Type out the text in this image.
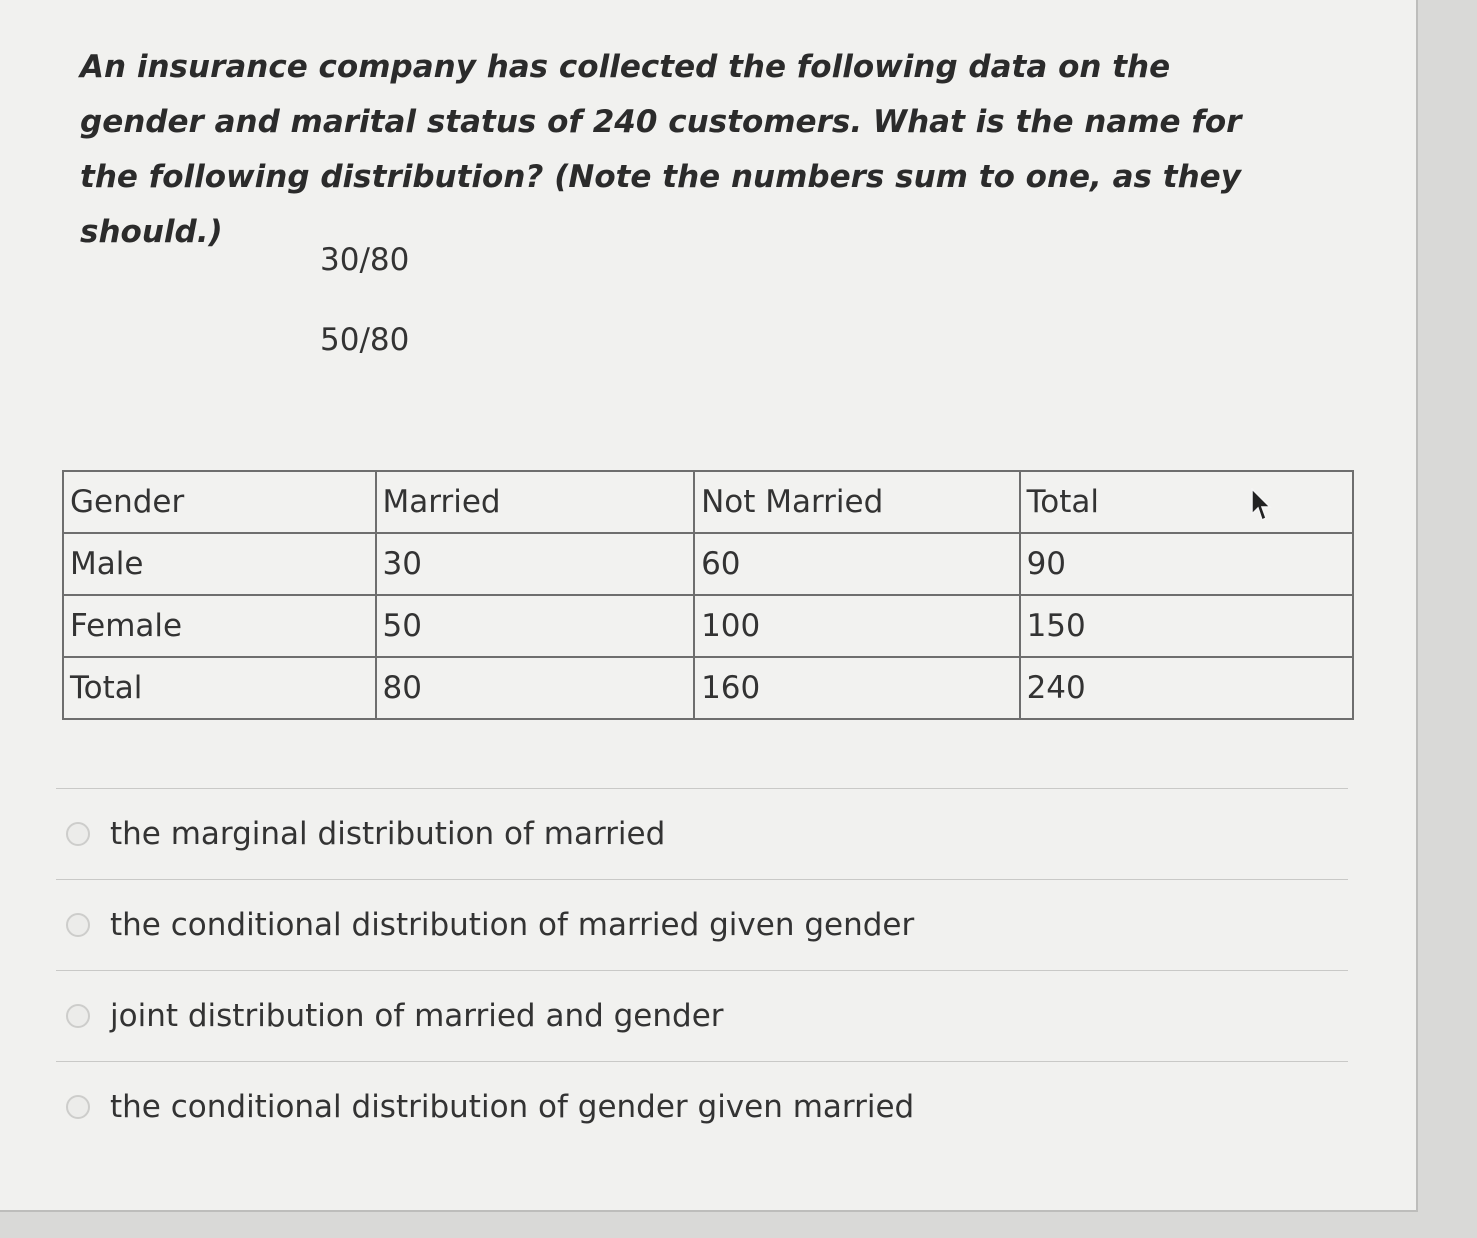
An insurance company has collected the following data on the gender and marital status of 240 customers. What is the name for the following distribution? (Note the numbers sum to one, as they should.)

30/80
50/80
Gender	Married	Not Married	Total

Male	30	60	90
Female	50	100	150
Total	80	160	240
the marginal distribution of married
the conditional distribution of married given gender
joint distribution of married and gender
the conditional distribution of gender given married
